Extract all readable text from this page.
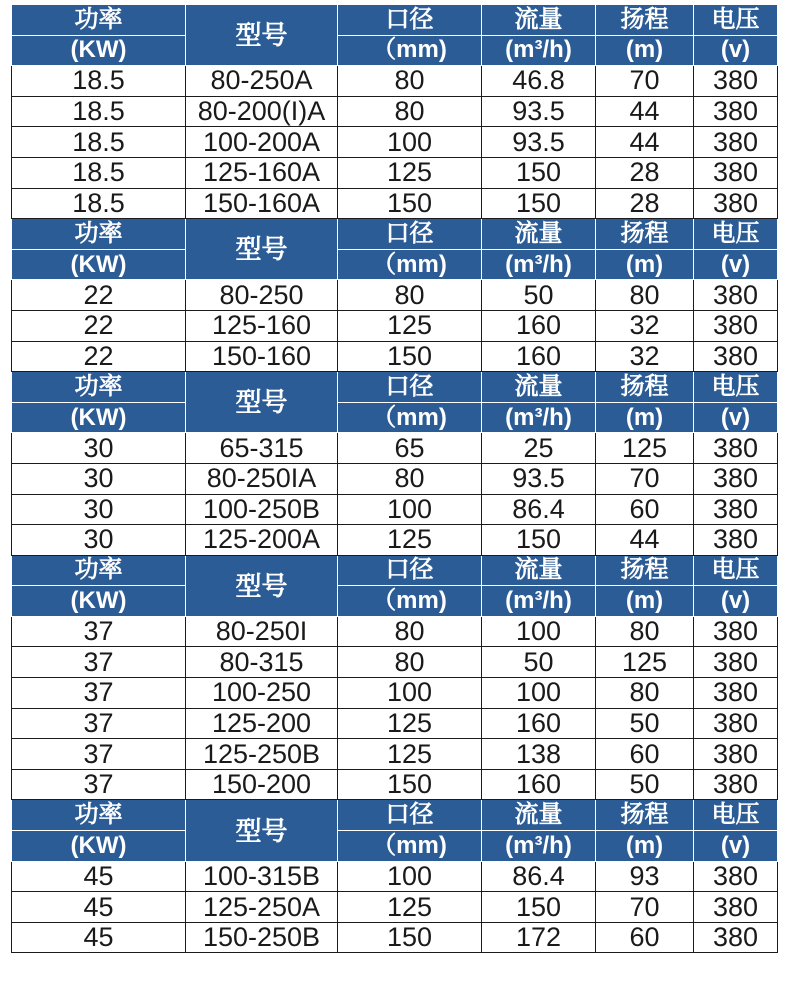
功率	型号	口径	流量	扬程	电压
(KW)		（mm)	(m³/h)	(m)	(v)
18.5	80-250A	80	46.8	70	380
18.5	80-200(I)A	80	93.5	44	380
18.5	100-200A	100	93.5	44	380
18.5	125-160A	125	150	28	380
18.5	150-160A	150	150	28	380
功率	型号	口径	流量	扬程	电压
(KW)		（mm)	(m³/h)	(m)	(v)
22	80-250	80	50	80	380
22	125-160	125	160	32	380
22	150-160	150	160	32	380
功率	型号	口径	流量	扬程	电压
(KW)		（mm)	(m³/h)	(m)	(v)
30	65-315	65	25	125	380
30	80-250IA	80	93.5	70	380
30	100-250B	100	86.4	60	380
30	125-200A	125	150	44	380
功率	型号	口径	流量	扬程	电压
(KW)		（mm)	(m³/h)	(m)	(v)
37	80-250I	80	100	80	380
37	80-315	80	50	125	380
37	100-250	100	100	80	380
37	125-200	125	160	50	380
37	125-250B	125	138	60	380
37	150-200	150	160	50	380
功率	型号	口径	流量	扬程	电压
(KW)		（mm)	(m³/h)	(m)	(v)
45	100-315B	100	86.4	93	380
45	125-250A	125	150	70	380
45	150-250B	150	172	60	380
